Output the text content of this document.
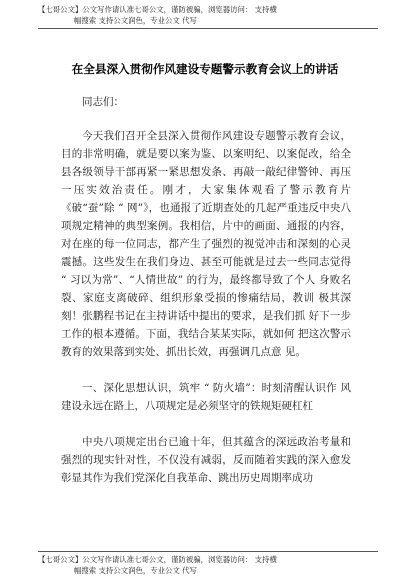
【七哥公文】公文写作请认准七哥公文，谨防被骗，浏览器访问： 支持横
幅搜索 支持公文润色，专业公文 代写
在全县深入贯彻作风建设专题警示教育会议上的讲话

同志们：

今天我们召开全县深入贯彻作风建设专题警示教育会议，目的非常明确，就是要以案为鉴、以案明纪、以案促改，给全县各级领导干部再紧一紧思想发条、再敲一敲纪律警钟、再压一压实效治责任。刚才，大家集体观看了警示教育片《破“蚕”除 “ 网”》，也通报了近期查处的几起严重违反中央八项规定精神的典型案例。我相信，片中的画面、通报的内容，对在座的每一位同志，都产生了强烈的视觉冲击和深刻的心灵震撼。这些发生在我们身边、甚至可能就是过去一些同志觉得 “ 习以为常”、“人情世故” 的行为，最终都导致了个人 身败名裂、家庭支离破碎、组织形象受损的惨痛结局，教训 极其深刻！张鹏程书记在主持讲话中提出的要求，是我们抓 好下一步工作的根本遵循。下面，我结合某某实际，就如何 把这次警示教育的效果落到实处、抓出长效，再强调几点意 见。

一、深化思想认识，筑牢 “ 防火墙”：时刻清醒认识作 风建设永远在路上，八项规定是必须坚守的铁规矩硬杠杠

中央八项规定出台已逾十年，但其蕴含的深远政治考量和强烈的现实针对性，不仅没有减弱，反而随着实践的深入愈发彰显其作为我们党深化自我革命、跳出历史周期率成功

【七哥公文】公文写作请认准七哥公文，谨防被骗，浏览器访问： 支持横
幅搜索 支持公文润色，专业公文 代写
